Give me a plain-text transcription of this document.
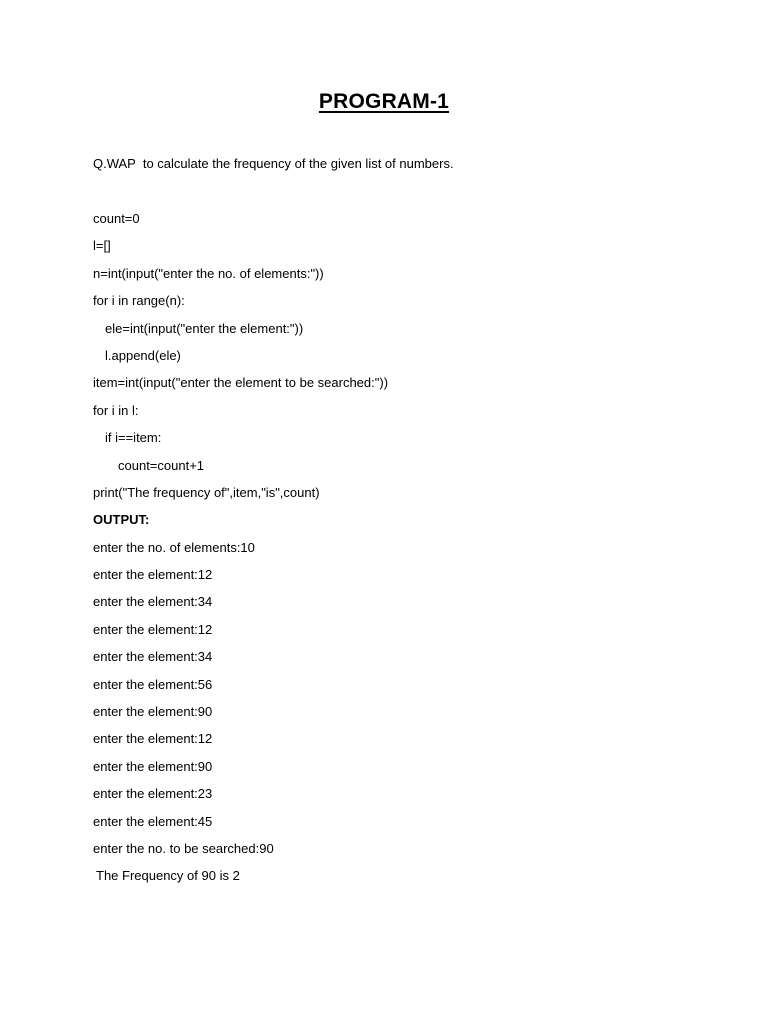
PROGRAM-1
Q.WAP  to calculate the frequency of the given list of numbers.
count=0
l=[]
n=int(input("enter the no. of elements:"))
for i in range(n):
ele=int(input("enter the element:"))
l.append(ele)
item=int(input("enter the element to be searched:"))
for i in l:
if i==item:
count=count+1
print("The frequency of",item,"is",count)
OUTPUT:
enter the no. of elements:10
enter the element:12
enter the element:34
enter the element:12
enter the element:34
enter the element:56
enter the element:90
enter the element:12
enter the element:90
enter the element:23
enter the element:45
enter the no. to be searched:90
The Frequency of 90 is 2
